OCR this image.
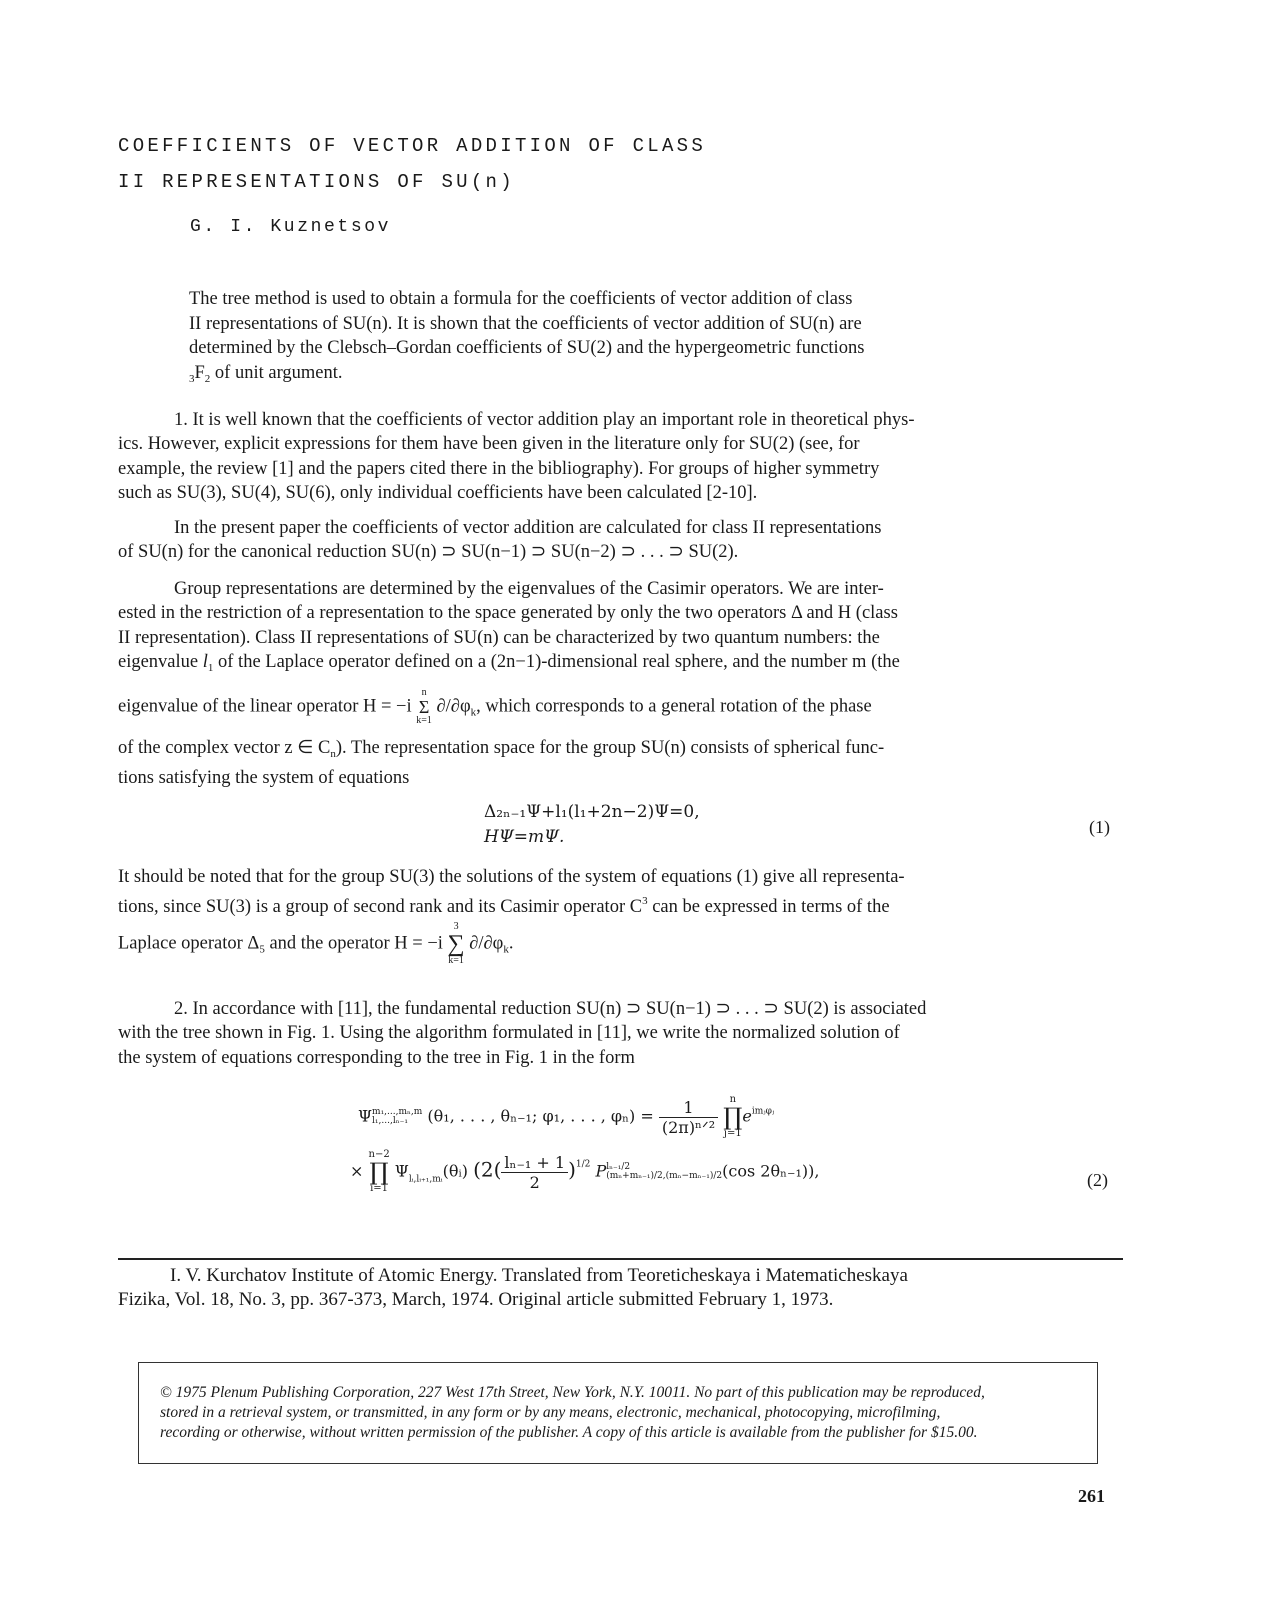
COEFFICIENTS OF VECTOR ADDITION OF CLASS
II REPRESENTATIONS OF SU(n)
G. I. Kuznetsov
The tree method is used to obtain a formula for the coefficients of vector addition of class
II representations of SU(n). It is shown that the coefficients of vector addition of SU(n) are
determined by the Clebsch–Gordan coefficients of SU(2) and the hypergeometric functions
$_3F_2$ of unit argument.
1. It is well known that the coefficients of vector addition play an important role in theoretical phys-
ics. However, explicit expressions for them have been given in the literature only for SU(2) (see, for
example, the review [1] and the papers cited there in the bibliography). For groups of higher symmetry
such as SU(3), SU(4), SU(6), only individual coefficients have been calculated [2-10].
In the present paper the coefficients of vector addition are calculated for class II representations
of SU(n) for the canonical reduction SU(n) ⊃ SU(n−1) ⊃ SU(n−2) ⊃ . . . ⊃ SU(2).
Group representations are determined by the eigenvalues of the Casimir operators. We are inter-
ested in the restriction of a representation to the space generated by only the two operators Δ and H (class
II representation). Class II representations of SU(n) can be characterized by two quantum numbers: the
eigenvalue $l_1$ of the Laplace operator defined on a (2n−1)-dimensional real sphere, and the number m (the
eigenvalue of the linear operator H = −i
n
Σ
k=1
$\partial/\partial\varphi_k$, which corresponds to a general rotation of the phase
of the complex vector z ∈ $C_n$). The representation space for the group SU(n) consists of spherical func-
tions satisfying the system of equations
Δ₂ₙ₋₁Ψ+l₁(l₁+2n−2)Ψ=0,
HΨ=mΨ.	(1)
It should be noted that for the group SU(3) the solutions of the system of equations (1) give all representa-
tions, since SU(3) is a group of second rank and its Casimir operator $C^3$ can be expressed in terms of the
Laplace operator $\Delta_5$ and the operator H = −i
3
∑
k=1
$\partial/\partial\varphi_k$.
2. In accordance with [11], the fundamental reduction SU(n) ⊃ SU(n−1) ⊃ . . . ⊃ SU(2) is associated
with the tree shown in Fig. 1. Using the algorithm formulated in [11], we write the normalized solution of
the system of equations corresponding to the tree in Fig. 1 in the form
Ψ m₁,...,mₙ,m
l₁,...,lₙ₋₁	(θ₁, . . . , θₙ₋₁; φ₁, . . . , $\varphi_n) = \frac{1}{\text{(2π)ⁿᐟ²}}$
	n
∏
j=1
$e^{imⱼ\varphi ⱼ}$
×
n−2
∏
i=1
$\Psi_{lᵢ,lᵢ_{+1},mᵢ}(\theta ᵢ)$ ($2( \frac{\text{lₙ₋₁ + 1}}{2} )^{1/2}$ P lₙ₋₁/2
(mₙ+mₙ₋₁)/2,(mₙ−mₙ₋₁)/2 (cos 2θₙ₋₁)),	(2)
I. V. Kurchatov Institute of Atomic Energy. Translated from Teoreticheskaya i Matematicheskaya
Fizika, Vol. 18, No. 3, pp. 367-373, March, 1974. Original article submitted February 1, 1973.
© 1975 Plenum Publishing Corporation, 227 West 17th Street, New York, N.Y. 10011. No part of this publication may be reproduced,
stored in a retrieval system, or transmitted, in any form or by any means, electronic, mechanical, photocopying, microfilming,
recording or otherwise, without written permission of the publisher. A copy of this article is available from the publisher for $15.00.
261
